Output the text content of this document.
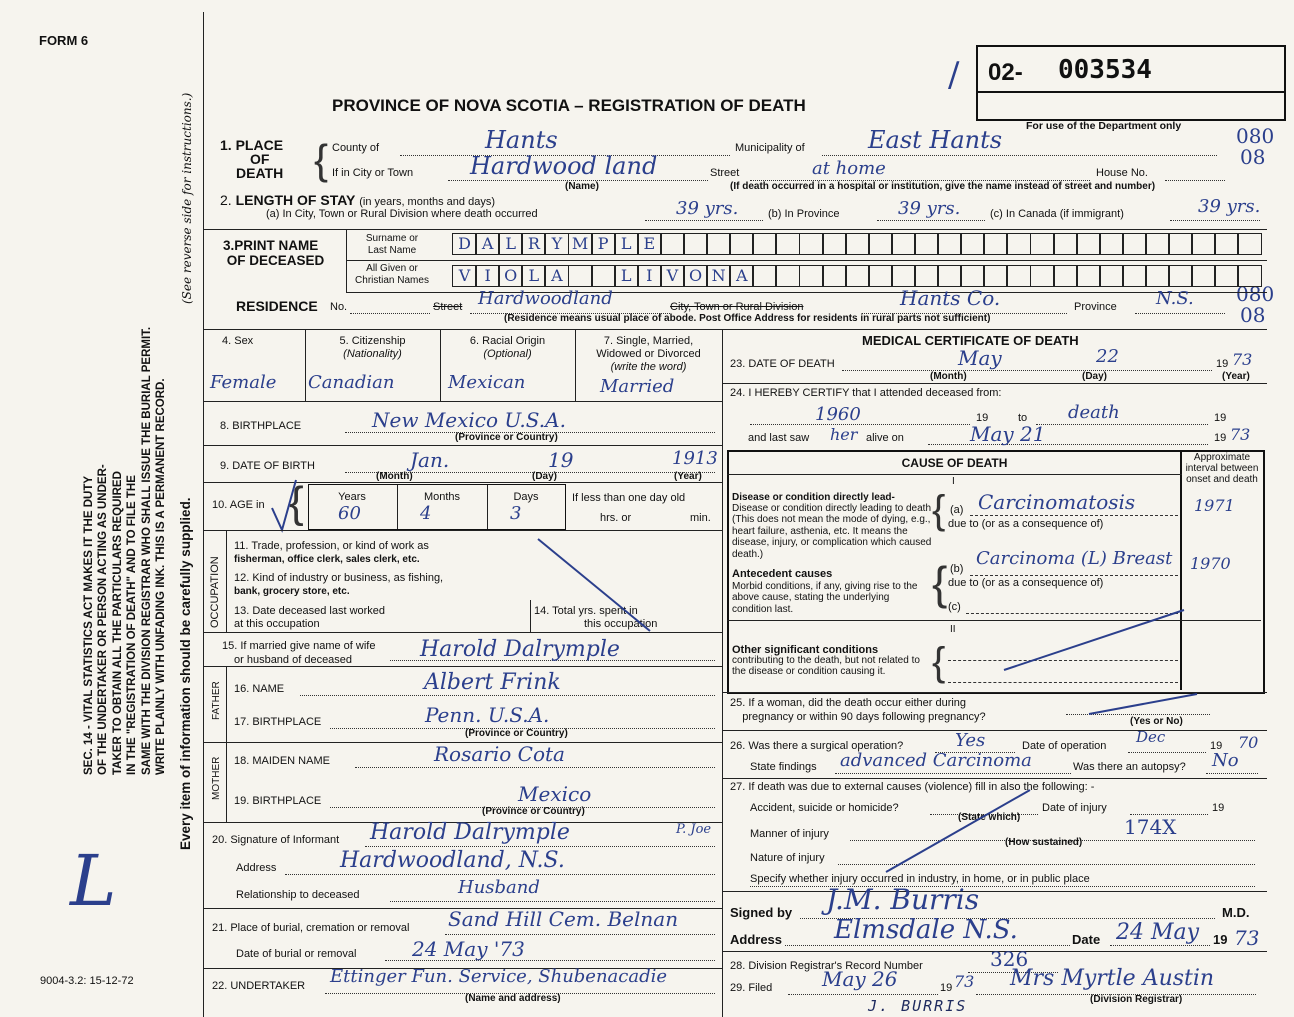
FORM 6
SEC. 14 - VITAL STATISTICS ACT MAKES IT THE DUTY OF THE UNDERTAKER OR PERSON ACTING AS UNDER- TAKER TO OBTAIN ALL THE PARTICULARS REQUIRED IN THE "REGISTRATION OF DEATH" AND TO FILE THE SAME WITH THE DIVISION REGISTRAR WHO SHALL ISSUE THE BURIAL PERMIT. WRITE PLAINLY WITH UNFADING INK. THIS IS A PERMANENT RECORD. Every item of information should be carefully supplied.
(See reverse side for instructions.)
L
9004-3.2: 15-12-72
/ 02- 003534
For use of the Department only	080
08
080
08
PROVINCE OF NOVA SCOTIA – REGISTRATION OF DEATH
1. PLACE
OF
DEATH { County of	Hants	Municipality of	East Hants
If in City or Town Hardwood land	Street	at home	House No.
(Name)	(If death occurred in a hospital or institution, give the name instead of street and number)
2. LENGTH OF STAY (in years, months and days)
(a) In City, Town or Rural Division where death occurred	39 yrs.	(b) In Province	39 yrs.	(c) In Canada (if immigrant)	39 yrs.
3.PRINT NAME
OF DECEASED
Surname or
Last Name
All Given or
Christian Names
D A L R Y M P L E
V I O L A	L I V O N A
RESIDENCE No.	Street Hardwoodland	City, Town or Rural Division	Hants Co.	Province N.S.
(Residence means usual place of abode. Post Office Address for residents in rural parts not sufficient)
4. Sex
Female
5. Citizenship
(Nationality)
Canadian
6. Racial Origin
(Optional)
Mexican
7. Single, Married,
Widowed or Divorced
(write the word)
Married
8. BIRTHPLACE	New Mexico U.S.A.
(Province or Country)
9. DATE OF BIRTH	Jan.	19	1913
(Month)	(Day)	(Year)
10. AGE in {	Years	Months	Days
60	4	3
If less than one day old
hrs. or	min.
OCCUPATION
11. Trade, profession, or kind of work as
fisherman, office clerk, sales clerk, etc.
12. Kind of industry or business, as fishing,
bank, grocery store, etc.
13. Date deceased last worked
at this occupation
14. Total yrs. spent in
this occupation
15. If married give name of wife
or husband of deceased	Harold Dalrymple
FATHER 16. NAME	Albert Frink
17. BIRTHPLACE	Penn. U.S.A.
(Province or Country)
MOTHER 18. MAIDEN NAME	Rosario Cota
19. BIRTHPLACE	Mexico
(Province or Country)
20. Signature of Informant Harold Dalrymple	P. Joe
Address	Hardwoodland, N.S.
Relationship to deceased	Husband
21. Place of burial, cremation or removal Sand Hill Cem. Belnan
Date of burial or removal	24 May '73
22. UNDERTAKER Ettinger Fun. Service, Shubenacadie
(Name and address)
MEDICAL CERTIFICATE OF DEATH
23. DATE OF DEATH	May	22	19 73
(Month)	(Day)	(Year)
24. I HEREBY CERTIFY that I attended deceased from:
1960	19	to death	19
and last saw her alive on	May 21	19 73
CAUSE OF DEATH	Approximate interval between onset and death
I
Disease or condition directly lead-
Disease or condition directly leading to death (This does not mean the mode of dying, e.g., heart failure, asthenia, etc. It means the disease, injury, or complication which caused death.)
{ (a) Carcinomatosis	1971
due to (or as a consequence of)
Antecedent causes
Morbid conditions, if any, giving rise to the above cause, stating the underlying condition last.
{ (b) Carcinoma (L) Breast 1970
due to (or as a consequence of)
(c)
II
Other significant conditions
contributing to the death, but not related to the disease or condition causing it.	{
25. If a woman, did the death occur either during
pregnancy or within 90 days following pregnancy?	(Yes or No)
26. Was there a surgical operation?	Yes	Date of operation Dec	19 70
State findings advanced Carcinoma	Was there an autopsy? No
27. If death was due to external causes (violence) fill in also the following: -
Accident, suicide or homicide?
(State which)
Date of injury	19
Manner of injury	174X
(How sustained)
Nature of injury
Specify whether injury occurred in industry, in home, or in public place
Signed by J.M. Burris	M.D.
Address Elmsdale N.S.	Date 24 May 19 73
28. Division Registrar's Record Number	326
29. Filed May 26	19 73 Mrs Myrtle Austin
(Division Registrar)
J. BURRIS
